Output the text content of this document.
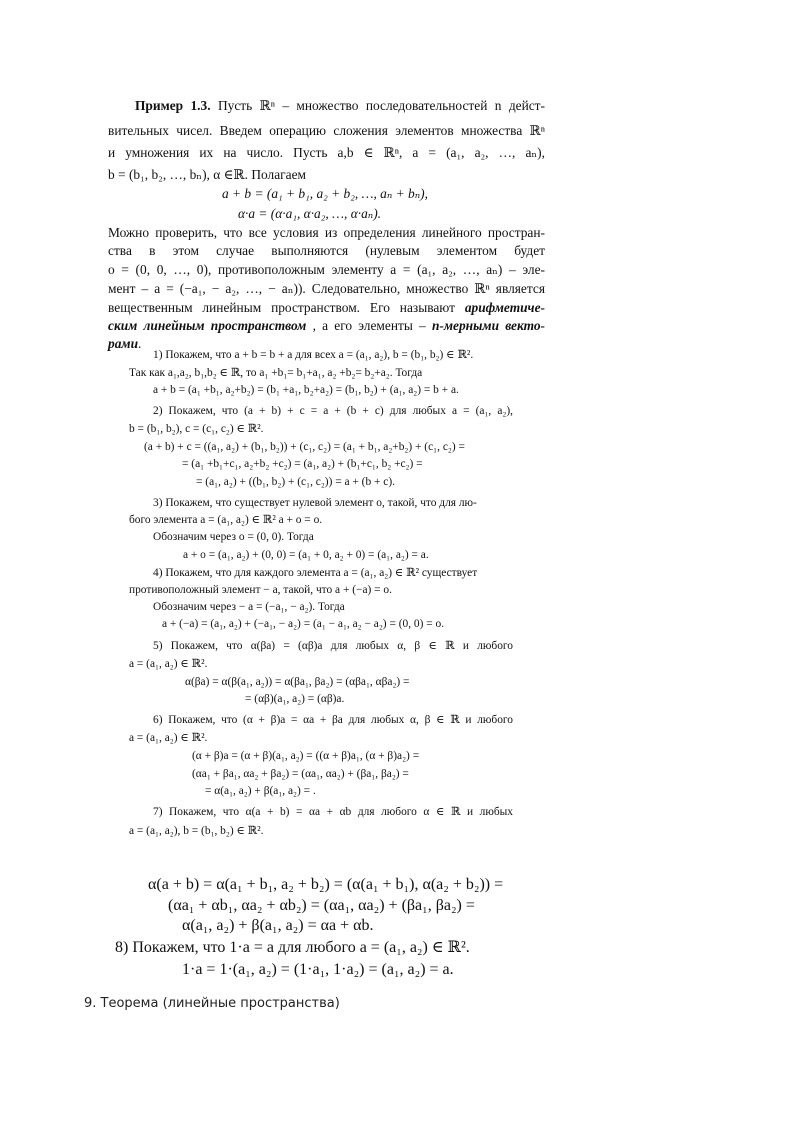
Пример 1.3. Пусть ℝⁿ – множество последовательностей n дейст-
вительных чисел. Введем операцию сложения элементов множества ℝⁿ
и умножения их на число. Пусть a,b ∈ ℝⁿ, a = (a₁, a₂, …, aₙ),
b = (b₁, b₂, …, bₙ), α ∈ℝ. Полагаем
a + b = (a₁ + b₁, a₂ + b₂, …, aₙ + bₙ),
α·a = (α·a₁, α·a₂, …, α·aₙ).
Можно проверить, что все условия из определения линейного простран-
ства в этом случае выполняются (нулевым элементом будет
o = (0, 0, …, 0), противоположным элементу a = (a₁, a₂, …, aₙ) – эле-
мент – a = (−a₁, − a₂, …, − aₙ)). Следовательно, множество ℝⁿ является
вещественным линейным пространством. Его называют арифметиче-
ским линейным пространством , а его элементы – n-мерными векто-
рами.
1) Покажем, что a + b = b + a для всех a = (a₁, a₂), b = (b₁, b₂) ∈ ℝ².
Так как a₁,a₂, b₁,b₂ ∈ ℝ, то a₁ +b₁= b₁+a₁, a₂ +b₂= b₂+a₂. Тогда
a + b = (a₁ +b₁, a₂+b₂) = (b₁ +a₁, b₂+a₂) = (b₁, b₂) + (a₁, a₂) = b + a.
2) Покажем, что (a + b) + c = a + (b + c) для любых a = (a₁, a₂),
b = (b₁, b₂), c = (c₁, c₂) ∈ ℝ².
(a + b) + c = ((a₁, a₂) + (b₁, b₂)) + (c₁, c₂) = (a₁ + b₁, a₂+b₂) + (c₁, c₂) =
= (a₁ +b₁+c₁, a₂+b₂ +c₂) = (a₁, a₂) + (b₁+c₁, b₂ +c₂) =
= (a₁, a₂) + ((b₁, b₂) + (c₁, c₂)) = a + (b + c).
3) Покажем, что существует нулевой элемент o, такой, что для лю-
бого элемента a = (a₁, a₂) ∈ ℝ² a + o = o.
Обозначим через o = (0, 0). Тогда
a + o = (a₁, a₂) + (0, 0) = (a₁ + 0, a₂ + 0) = (a₁, a₂) = a.
4) Покажем, что для каждого элемента a = (a₁, a₂) ∈ ℝ² существует
противоположный элемент − a, такой, что a + (−a) = o.
Обозначим через − a = (−a₁, − a₂). Тогда
a + (−a) = (a₁, a₂) + (−a₁, − a₂) = (a₁ − a₁, a₂ − a₂) = (0, 0) = o.
5) Покажем, что α(βa) = (αβ)a для любых α, β ∈ ℝ и любого
a = (a₁, a₂) ∈ ℝ².
α(βa) = α(β(a₁, a₂)) = α(βa₁, βa₂) = (αβa₁, αβa₂) =
= (αβ)(a₁, a₂) = (αβ)a.
6) Покажем, что (α + β)a = αa + βa для любых α, β ∈ ℝ и любого
a = (a₁, a₂) ∈ ℝ².
(α + β)a = (α + β)(a₁, a₂) = ((α + β)a₁, (α + β)a₂) =
(αa₁ + βa₁, αa₂ + βa₂) = (αa₁, αa₂) + (βa₁, βa₂) =
= α(a₁, a₂) + β(a₁, a₂) = .
7) Покажем, что α(a + b) = αa + αb для любого α ∈ ℝ и любых
a = (a₁, a₂), b = (b₁, b₂) ∈ ℝ².
α(a + b) = α(a₁ + b₁, a₂ + b₂) = (α(a₁ + b₁), α(a₂ + b₂)) =
(αa₁ + αb₁, αa₂ + αb₂) = (αa₁, αa₂) + (βa₁, βa₂) =
α(a₁, a₂) + β(a₁, a₂) = αa + αb.
8) Покажем, что 1·a = a для любого a = (a₁, a₂) ∈ ℝ².
1·a = 1·(a₁, a₂) = (1·a₁, 1·a₂) = (a₁, a₂) = a.
9. Теорема (линейные пространства)
